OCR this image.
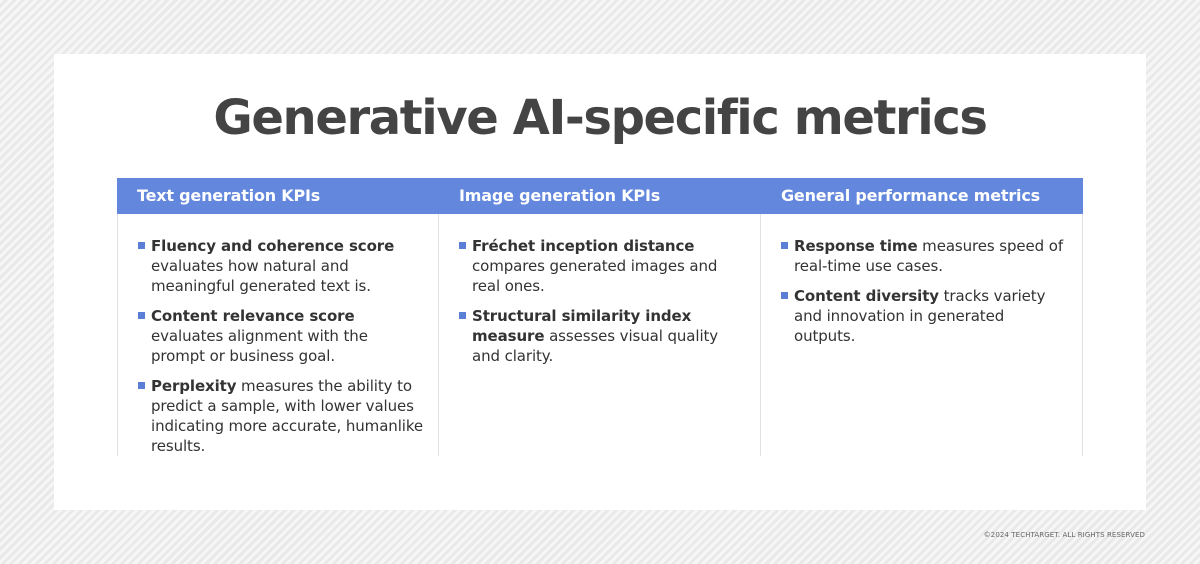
Generative AI-specific metrics
Text generation KPIs
Fluency and coherence score evaluates how natural and meaningful generated text is.
Content relevance score evaluates alignment with the prompt or business goal.
Perplexity measures the ability to predict a sample, with lower values indicating more accurate, humanlike results.
Image generation KPIs
Fréchet inception distance compares generated images and real ones.
Structural similarity index measure assesses visual quality and clarity.
General performance metrics
Response time measures speed of real-time use cases.
Content diversity tracks variety and innovation in generated outputs.
©2024 TECHTARGET. ALL RIGHTS RESERVED
